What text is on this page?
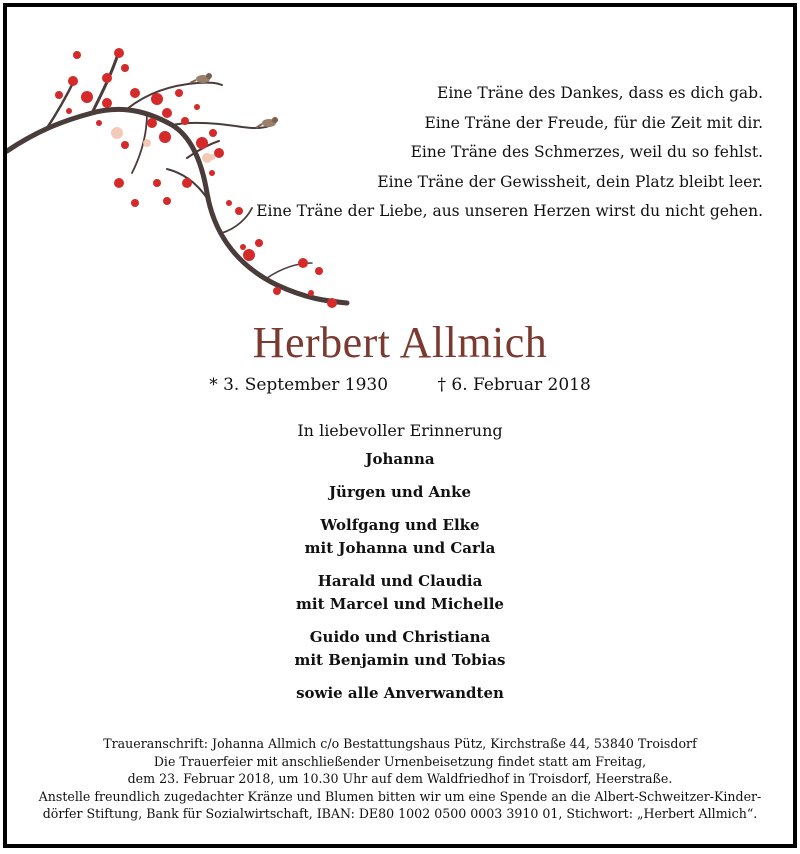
Eine Träne des Dankes, dass es dich gab.
Eine Träne der Freude, für die Zeit mit dir.
Eine Träne des Schmerzes, weil du so fehlst.
Eine Träne der Gewissheit, dein Platz bleibt leer.
Eine Träne der Liebe, aus unseren Herzen wirst du nicht gehen.
Herbert Allmich
* 3. September 1930	† 6. Februar 2018
In liebevoller Erinnerung
Johanna
Jürgen und Anke
Wolfgang und Elke
mit Johanna und Carla
Harald und Claudia
mit Marcel und Michelle
Guido und Christiana
mit Benjamin und Tobias
sowie alle Anverwandten
Traueranschrift: Johanna Allmich c/o Bestattungshaus Pütz, Kirchstraße 44, 53840 Troisdorf
Die Trauerfeier mit anschließender Urnenbeisetzung findet statt am Freitag,
dem 23. Februar 2018, um 10.30 Uhr auf dem Waldfriedhof in Troisdorf, Heerstraße.
Anstelle freundlich zugedachter Kränze und Blumen bitten wir um eine Spende an die Albert-Schweitzer-Kinder-
dörfer Stiftung, Bank für Sozialwirtschaft, IBAN: DE80 1002 0500 0003 3910 01, Stichwort: „Herbert Allmich“.
